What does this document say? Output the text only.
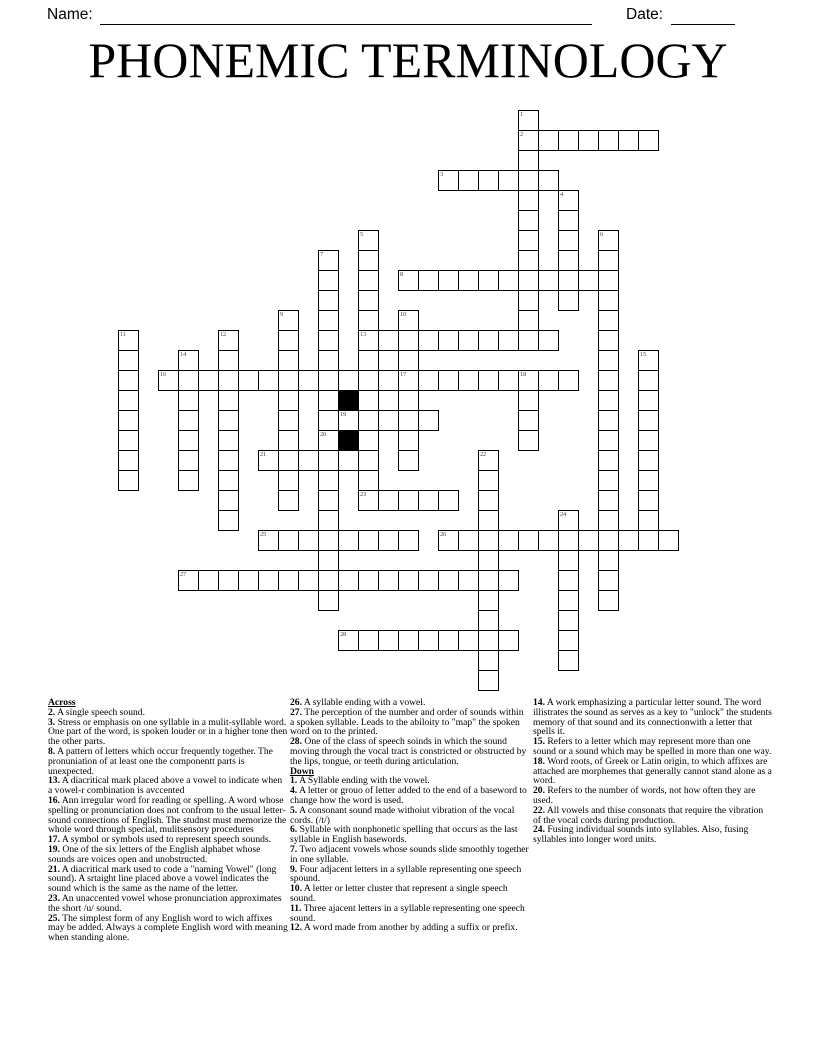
Name:	Date:
PHONEMIC TERMINOLOGY
1
2
3
4
5
13
23
6
7
8
9	10
17
11	12
14	15
16	18
19
20
21	22
24
25	26
27
28

Across

2. A single speech sound.

3. Stress or emphasis on one syllable in a mulit-syllable word. One part of the word, is spoken louder or in a higher tone then the other parts.

8. A pattern of letters which occur frequently together. The pronuniation of at least one the componentt parts is unexpected.

13. A diacritical mark placed above a vowel to indicate when a vowel-r combination is avccented

16. Ann irregular word for reading or spelling. A word whose spelling or pronunciation does not confrom to the usual letter-sound connections of English. The studnst must memorize the whole word through special, mulitsensory procedures

17. A symbol or symbols used to represent speech sounds.

19. One of the six letters of the English alphabet whose sounds are voices open and unobstructed.

21. A diacritical mark used to code a "naming Vowel" (long sound). A srtaight line placed above a vowel indicates the sound which is the same as the name of the letter.

23. An unaccented vowel whose pronunciation approximates the short /u/ sound.

25. The simplest form of any English word to wich affixes may be added. Always a complete English word with meaning when standing alone.

26. A syllable ending with a vowel.

27. The perception of the number and order of sounds within a spoken syllable. Leads to the abiloity to "map" the spoken word on to the printed.

28. One of the class of speech soinds in which the sound moving through the vocal tract is constricted or obstructed by the lips, tongue, or teeth during articulation.

Down

1. A Syllable ending with the vowel.

4. A letter or grouo of letter added to the end of a baseword to change how the word is used.

5. A consonant sound made withoiut vibration of the vocal cords. (/t/)

6. Syllable with nonphonetic spelling that occurs as the last syllable in English basewords.

7. Two adjacent vowels whose sounds slide smoothly together in one syllable.

9. Four adjacent letters in a syllable representing one speech spound.

10. A letter or letter cluster that represent a single speech sound.

11. Three ajacent letters in a syllable representing one speech sound.

12. A word made from another by adding a suffix or prefix.

14. A work emphasizing a particular letter sound. The word illistrates the sound as serves as a key to "unlock" the students memory of that sound and its connectionwith a letter that spells it.

15. Refers to a letter which may represent more than one sound or a sound which may be spelled in more than one way.

18. Word roots, of Greek or Latin origin, to which affixes are attached are morphemes that generally cannot stand alone as a word.

20. Refers to the number of words, not how often they are used.

22. All vowels and thise consonats that require the vibration of the vocal cords during production.

24. Fusing individual sounds into syllables. Also, fusing syllables into longer word units.
